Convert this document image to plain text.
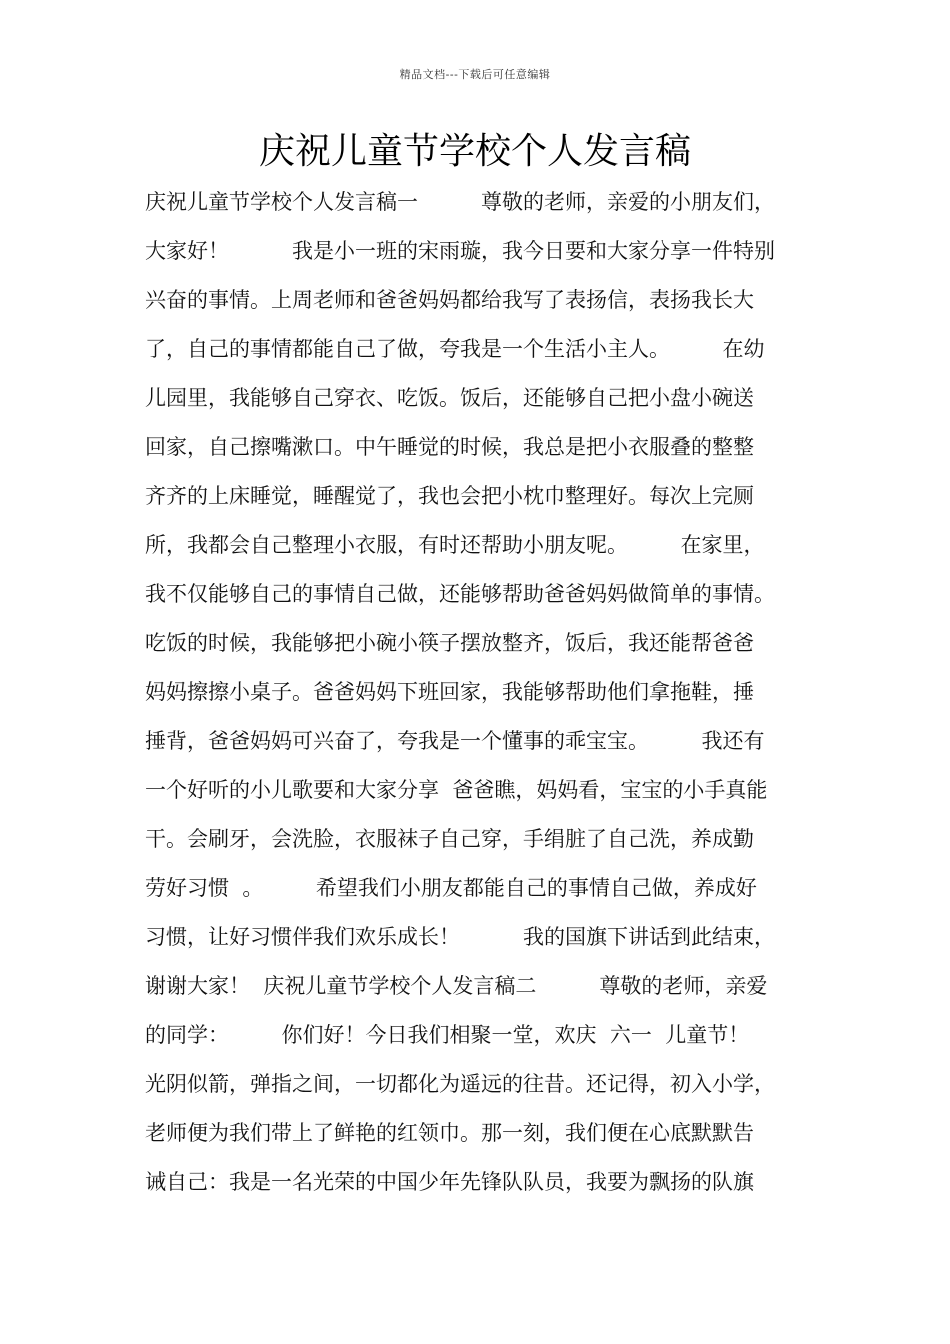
精品文档---下载后可任意编辑
庆祝儿童节学校个人发言稿
庆祝儿童节学校个人发言稿一　　　尊敬的老师，亲爱的小朋友们，
大家好！　　　我是小一班的宋雨璇，我今日要和大家分享一件特别
兴奋的事情。上周老师和爸爸妈妈都给我写了表扬信，表扬我长大
了，自己的事情都能自己了做，夸我是一个生活小主人。　　　在幼
儿园里，我能够自己穿衣、吃饭。饭后，还能够自己把小盘小碗送
回家，自己擦嘴漱口。中午睡觉的时候，我总是把小衣服叠的整整
齐齐的上床睡觉，睡醒觉了，我也会把小枕巾整理好。每次上完厕
所，我都会自己整理小衣服，有时还帮助小朋友呢。　　　在家里，
我不仅能够自己的事情自己做，还能够帮助爸爸妈妈做简单的事情。
吃饭的时候，我能够把小碗小筷子摆放整齐，饭后，我还能帮爸爸
妈妈擦擦小桌子。爸爸妈妈下班回家，我能够帮助他们拿拖鞋，捶
捶背，爸爸妈妈可兴奋了，夸我是一个懂事的乖宝宝。　　　我还有
一个好听的小儿歌要和大家分享  爸爸瞧，妈妈看，宝宝的小手真能
干。会刷牙，会洗脸，衣服袜子自己穿，手绢脏了自己洗，养成勤
劳好习惯  。　　　希望我们小朋友都能自己的事情自己做，养成好
习惯，让好习惯伴我们欢乐成长！　　　我的国旗下讲话到此结束，
谢谢大家！  庆祝儿童节学校个人发言稿二　　　尊敬的老师，亲爱
的同学：　　　你们好！今日我们相聚一堂，欢庆  六一  儿童节！
光阴似箭，弹指之间，一切都化为遥远的往昔。还记得，初入小学，
老师便为我们带上了鲜艳的红领巾。那一刻，我们便在心底默默告
诫自己：我是一名光荣的中国少年先锋队队员，我要为飘扬的队旗
